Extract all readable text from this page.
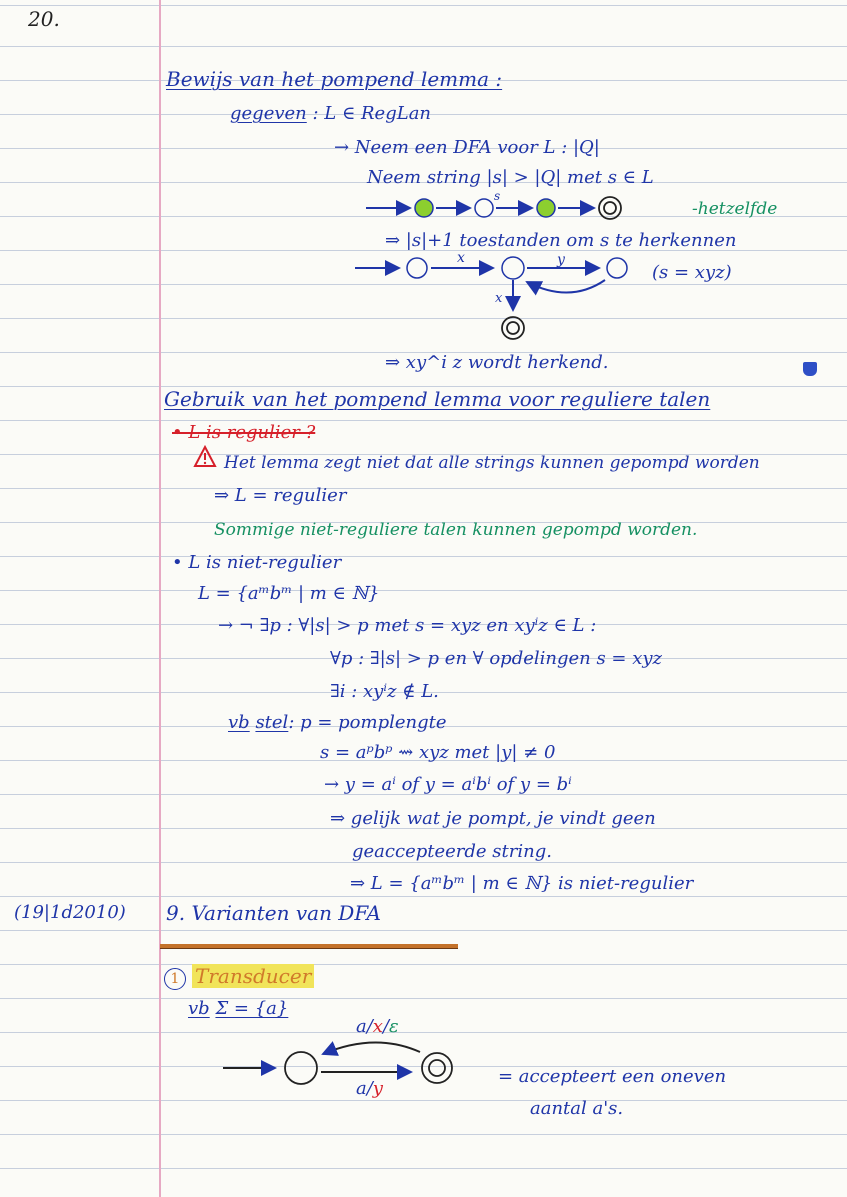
20.
Bewijs van het pompend lemma :
gegeven : L ∈ RegLan
→ Neem een DFA voor L : |Q|
Neem string |s| > |Q| met s ∈ L
s
-hetzelfde
⇒ |s|+1 toestanden om s te herkennen
x	y
x
(s = xyz)
⇒ xy^i z wordt herkend.
Gebruik van het pompend lemma voor reguliere talen
• L is regulier ?
Het lemma zegt niet dat alle strings kunnen gepompd worden
⇒ L = regulier
Sommige niet-reguliere talen kunnen gepompd worden.
• L is niet-regulier
L = {aᵐbᵐ | m ∈ ℕ}
→ ¬ ∃p : ∀|s| > p met s = xyz en xyⁱz ∈ L :
∀p : ∃|s| > p en ∀ opdelingen s = xyz
∃i : xyⁱz ∉ L.
vb stel: p = pomplengte
s = aᵖbᵖ ⇝ xyz met |y| ≠ 0
→ y = aⁱ of y = aⁱbⁱ of y = bⁱ
⇒ gelijk wat je pompt, je vindt geen
geaccepteerde string.
⇒ L = {aᵐbᵐ | m ∈ ℕ} is niet-regulier
(19|1d2010) 9. Varianten van DFA
1 Transducer
vb Σ = {a}
a/x/ε
a/y
= accepteert een oneven
aantal a's.
